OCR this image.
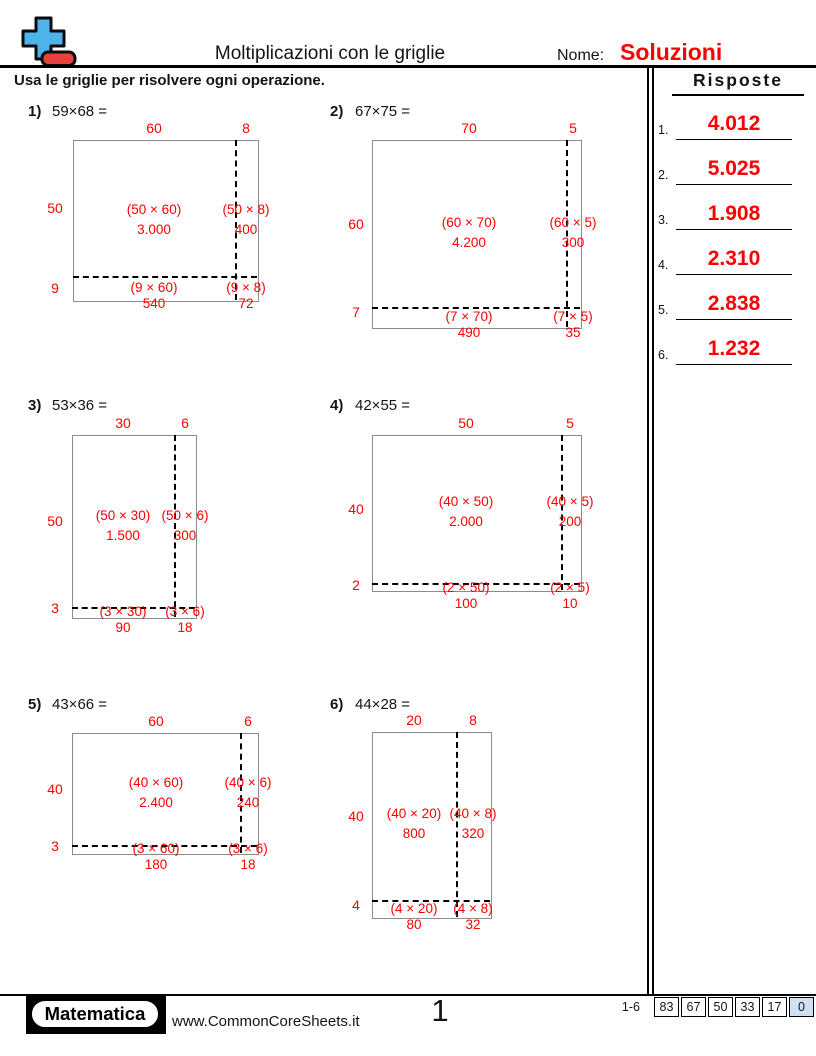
Moltiplicazioni con le griglie	Nome: Soluzioni
Usa le griglie per risolvere ogni operazione.
1) 59×68 =
60	8
50
9
(50 × 60)
3.000
(50 × 8)
400
(9 × 60)
540
(9 × 8)
72
2) 67×75 =
70	5
60
7
(60 × 70)
4.200
(60 × 5)
300
(7 × 70)
490
(7 × 5)
35
3) 53×36 =
30	6
50
3
(50 × 30)
1.500
(50 × 6)
300
(3 × 30)
90
(3 × 6)
18
4) 42×55 =
50	5
40
2
(40 × 50)
2.000
(40 × 5)
200
(2 × 50)
100
(2 × 5)
10
5) 43×66 =
60	6
40
3
(40 × 60)
2.400
(40 × 6)
240
(3 × 60)
180
(3 × 6)
18
6) 44×28 =
20	8
40
4
(40 × 20)
800
(40 × 8)
320
(4 × 20)
80
(4 × 8)
32
Risposte
1.	4.012
2.	5.025
3.	1.908
4.	2.310
5.	2.838
6.	1.232
Matematica	www.CommonCoreSheets.it	1	1-6	83	67	50	33	17	0
